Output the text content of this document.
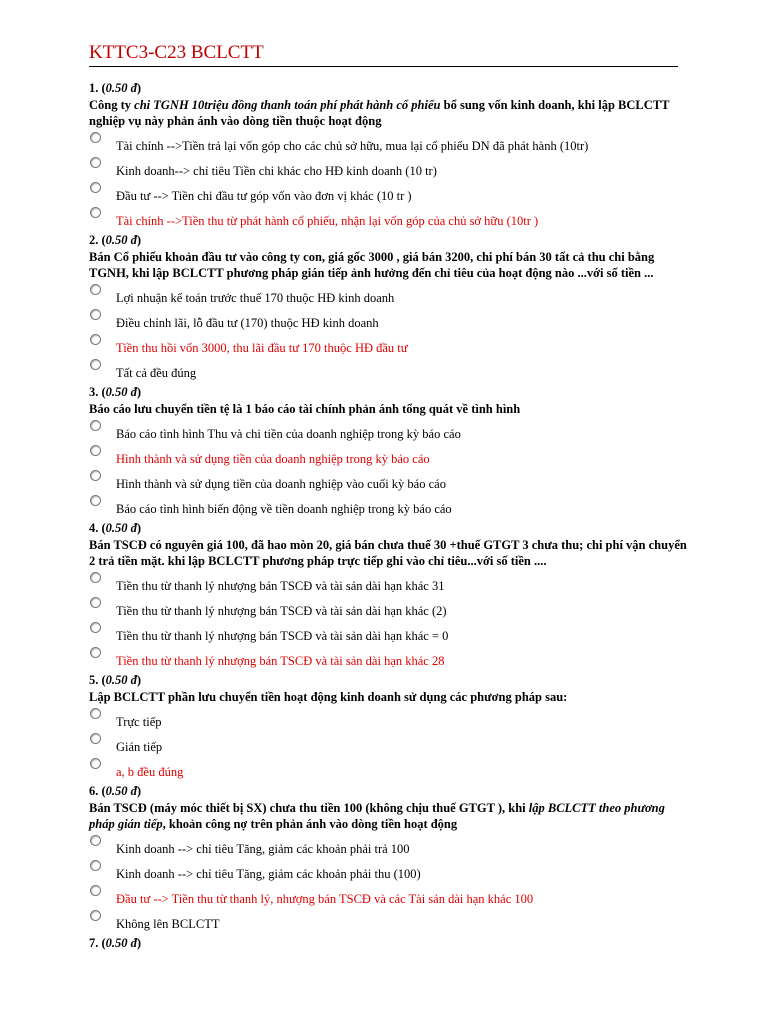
KTTC3-C23 BCLCTT
1. (0.50 đ)
Công ty chi TGNH 10triệu đồng thanh toán phí phát hành cổ phiếu bổ sung vốn kinh doanh, khi lập BCLCTT nghiệp vụ này phản ánh vào dòng tiền thuộc hoạt động
Tài chính -->Tiền trả lại vốn góp cho các chủ sở hữu, mua lại cổ phiếu DN đã phát hành (10tr)
Kinh doanh--> chỉ tiêu Tiền chi khác cho HĐ kinh doanh (10 tr)
Đầu tư --> Tiền chi đầu tư góp vốn vào đơn vị khác (10 tr )
Tài chính -->Tiền thu từ phát hành cổ phiếu, nhận lại vốn góp của chủ sở hữu (10tr )
2. (0.50 đ)
Bán Cổ phiếu khoản đầu tư vào công ty con, giá gốc 3000 , giá bán 3200, chi phí bán 30 tất cả thu chi bằng TGNH, khi lập BCLCTT phương pháp gián tiếp ảnh hưởng đến chỉ tiêu của hoạt động nào ...với số tiền ...
Lợi nhuận kế toán trước thuế 170 thuộc HĐ kinh doanh
Điều chỉnh lãi, lỗ đầu tư (170) thuộc HĐ kinh doanh
Tiền thu hồi vốn 3000, thu lãi đầu tư 170 thuộc HĐ đầu tư
Tất cả đều đúng
3. (0.50 đ)
Báo cáo lưu chuyển tiền tệ là 1 báo cáo tài chính phản ánh tổng quát về tình hình
Báo cáo tình hình Thu và chi tiền của doanh nghiệp trong kỳ báo cáo
Hình thành và sử dụng tiền của doanh nghiệp trong kỳ báo cáo
Hình thành và sử dụng tiền của doanh nghiệp vào cuối kỳ báo cáo
Báo cáo tình hình biến động về tiền doanh nghiệp trong kỳ báo cáo
4. (0.50 đ)
Bán TSCĐ có nguyên giá 100, đã hao mòn 20, giá bán chưa thuế 30 +thuế GTGT 3 chưa thu; chi phí vận chuyển 2 trả tiền mặt. khi lập BCLCTT phương pháp trực tiếp ghi vào chỉ tiêu...với số tiền ....
Tiền thu từ thanh lý nhượng bán TSCĐ và tài sản dài hạn khác 31
Tiền thu từ thanh lý nhượng bán TSCĐ và tài sản dài hạn khác (2)
Tiền thu từ thanh lý nhượng bán TSCĐ và tài sản dài hạn khác = 0
Tiền thu từ thanh lý nhượng bán TSCĐ và tài sản dài hạn khác 28
5. (0.50 đ)
Lập BCLCTT phần lưu chuyển tiền hoạt động kinh doanh sử dụng các phương pháp sau:
Trực tiếp
Gián tiếp
a, b đều đúng
6. (0.50 đ)
Bán TSCĐ (máy móc thiết bị SX) chưa thu tiền 100 (không chịu thuế GTGT ), khi lập BCLCTT theo phương pháp gián tiếp, khoản công nợ trên phản ánh vào dòng tiền hoạt động
Kinh doanh --> chỉ tiêu Tăng, giảm các khoản phải trả 100
Kinh doanh --> chỉ tiêu Tăng, giảm các khoản phải thu (100)
Đầu tư --> Tiền thu từ thanh lý, nhượng bán TSCĐ và các Tài sản dài hạn khác 100
Không lên BCLCTT
7. (0.50 đ)
